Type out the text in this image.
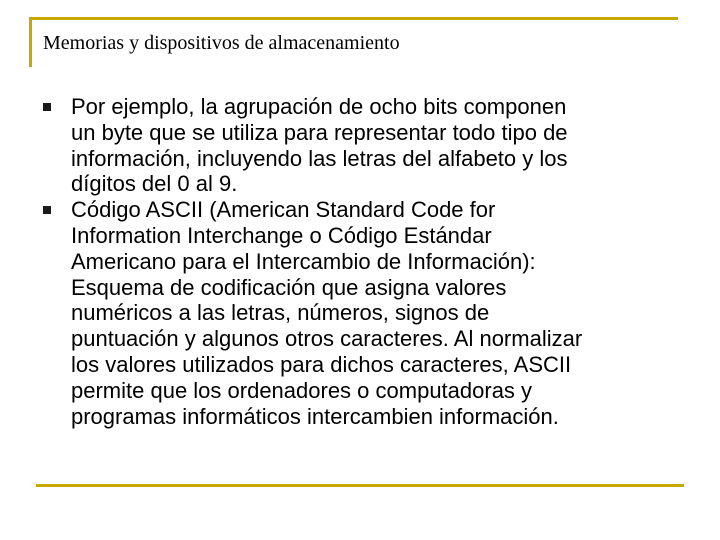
Memorias y dispositivos de almacenamiento
Por ejemplo, la agrupación de ocho bits componen
un byte que se utiliza para representar todo tipo de
información, incluyendo las letras del alfabeto y los
dígitos del 0 al 9.
Código ASCII (American Standard Code for
Information Interchange o Código Estándar
Americano para el Intercambio de Información):
Esquema de codificación que asigna valores
numéricos a las letras, números, signos de
puntuación y algunos otros caracteres. Al normalizar
los valores utilizados para dichos caracteres, ASCII
permite que los ordenadores o computadoras y
programas informáticos intercambien información.
